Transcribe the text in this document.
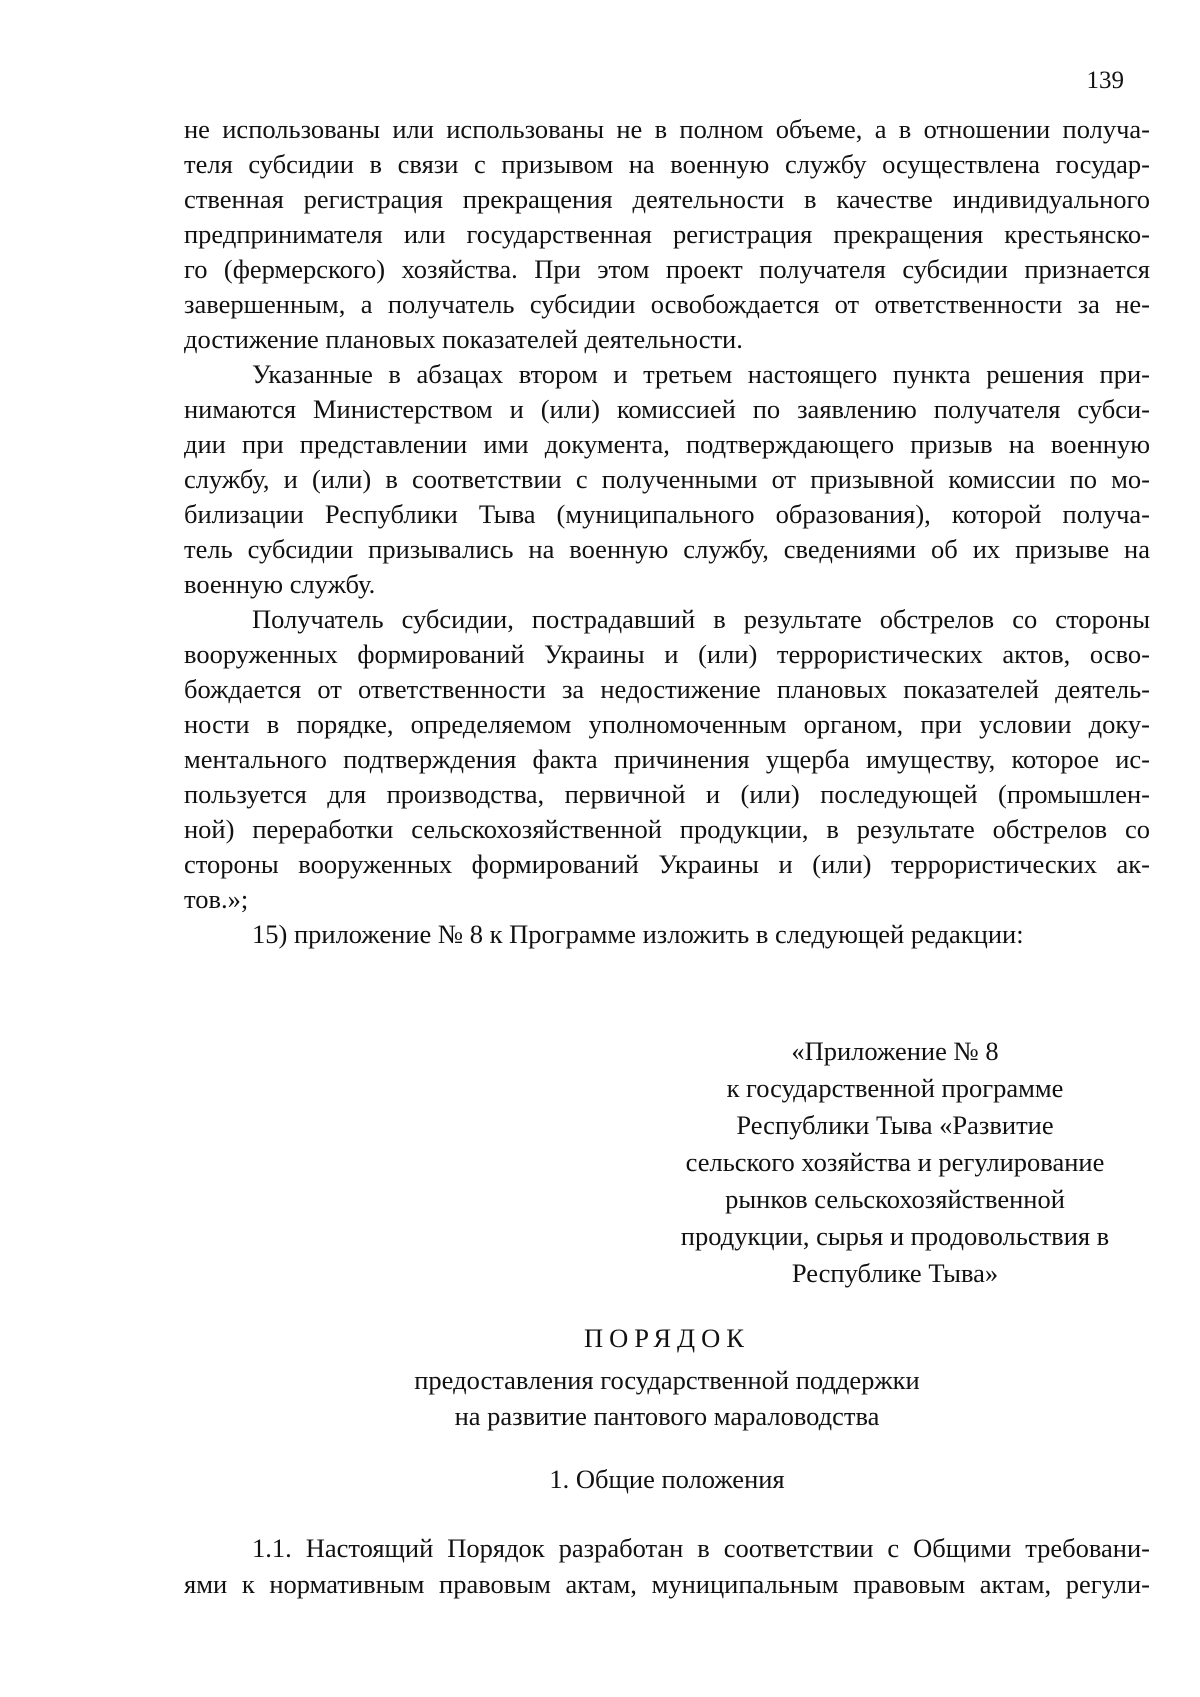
139

не использованы или использованы не в полном объеме, а в отношении получа-
теля субсидии в связи с призывом на военную службу осуществлена государ-
ственная регистрация прекращения деятельности в качестве индивидуального
предпринимателя или государственная регистрация прекращения крестьянско-
го (фермерского) хозяйства. При этом проект получателя субсидии признается
завершенным, а получатель субсидии освобождается от ответственности за не-
достижение плановых показателей деятельности.

Указанные в абзацах втором и третьем настоящего пункта решения при-
нимаются Министерством и (или) комиссией по заявлению получателя субси-
дии при представлении ими документа, подтверждающего призыв на военную
службу, и (или) в соответствии с полученными от призывной комиссии по мо-
билизации Республики Тыва (муниципального образования), которой получа-
тель субсидии призывались на военную службу, сведениями об их призыве на
военную службу.

Получатель субсидии, пострадавший в результате обстрелов со стороны
вооруженных формирований Украины и (или) террористических актов, осво-
бождается от ответственности за недостижение плановых показателей деятель-
ности в порядке, определяемом уполномоченным органом, при условии доку-
ментального подтверждения факта причинения ущерба имуществу, которое ис-
пользуется для производства, первичной и (или) последующей (промышлен-
ной) переработки сельскохозяйственной продукции, в результате обстрелов со
стороны вооруженных формирований Украины и (или) террористических ак-
тов.»;

15) приложение № 8 к Программе изложить в следующей редакции:

«Приложение № 8
к государственной программе
Республики Тыва «Развитие
сельского хозяйства и регулирование
рынков сельскохозяйственной
продукции, сырья и продовольствия в
Республике Тыва»
ПОРЯДОК
предоставления государственной поддержки
на развитие пантового мараловодства
1. Общие положения

1.1. Настоящий Порядок разработан в соответствии с Общими требовани-
ями к нормативным правовым актам, муниципальным правовым актам, регули-
